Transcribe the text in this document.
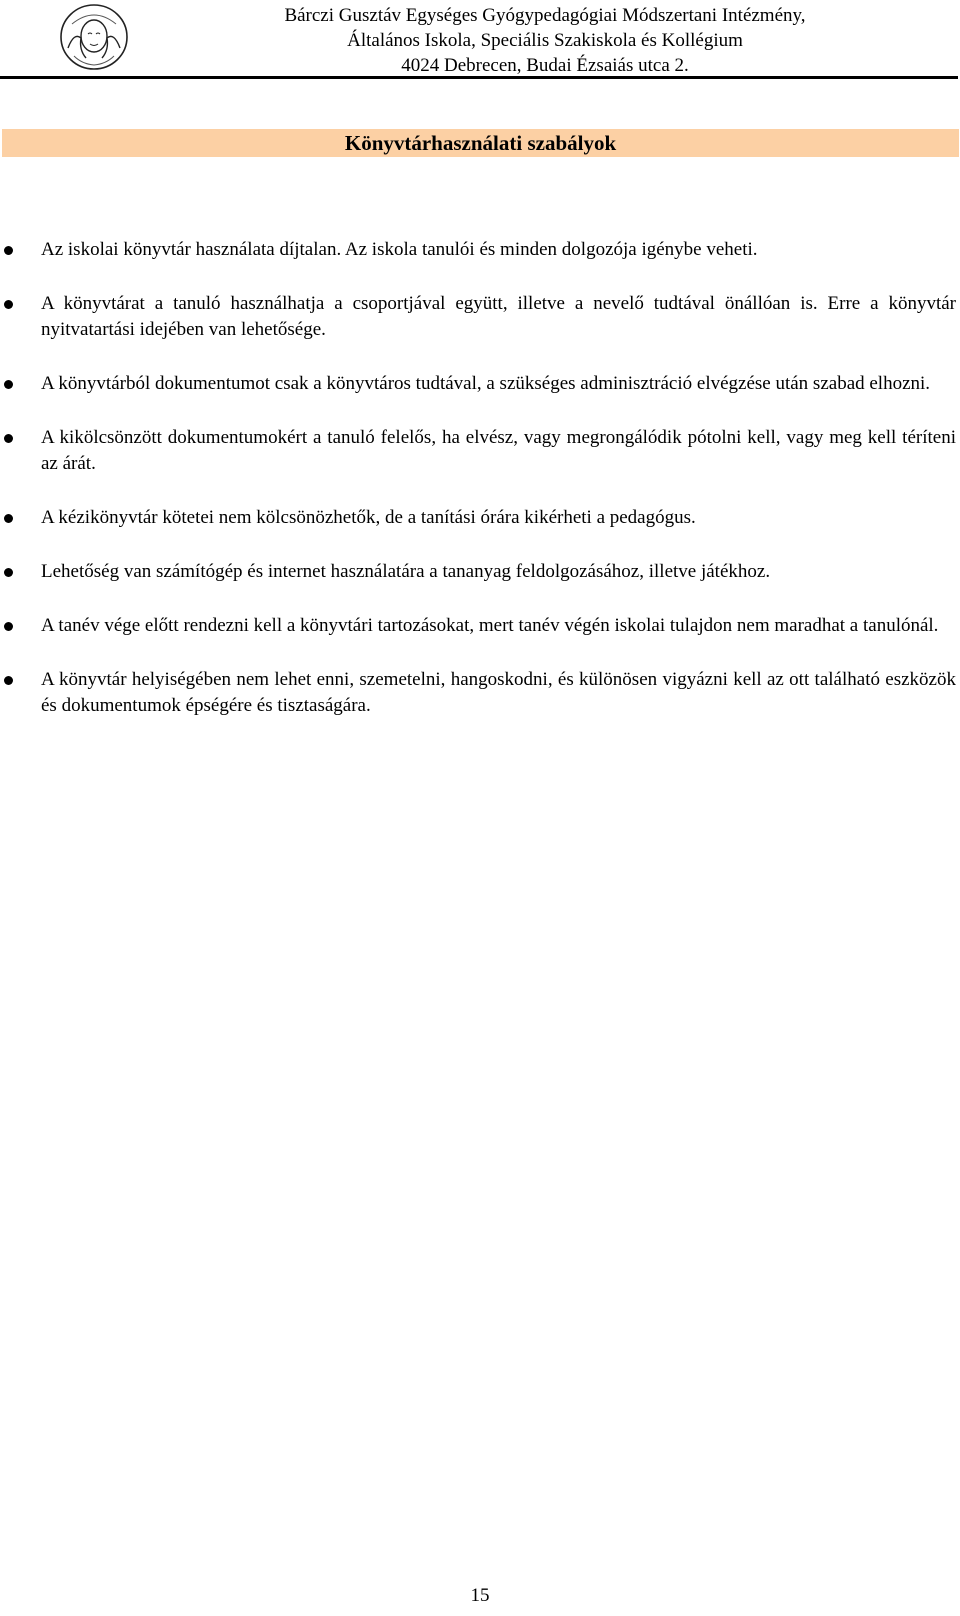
Bárczi Gusztáv Egységes Gyógypedagógiai Módszertani Intézmény,
Általános Iskola, Speciális Szakiskola és Kollégium
4024 Debrecen, Budai Ézsaiás utca 2.
Könyvtárhasználati szabályok
Az iskolai könyvtár használata díjtalan. Az iskola tanulói és minden dolgozója igénybe veheti.
A könyvtárat a tanuló használhatja a csoportjával együtt, illetve a nevelő tudtával önállóan is. Erre a könyvtár nyitvatartási idejében van lehetősége.
A könyvtárból dokumentumot csak a könyvtáros tudtával, a szükséges adminisztráció elvégzése után szabad elhozni.
A kikölcsönzött dokumentumokért a tanuló felelős, ha elvész, vagy megrongálódik pótolni kell, vagy meg kell téríteni az árát.
A kézikönyvtár kötetei nem kölcsönözhetők, de a tanítási órára kikérheti a pedagógus.
Lehetőség van számítógép és internet használatára a tananyag feldolgozásához, illetve játékhoz.
A tanév vége előtt rendezni kell a könyvtári tartozásokat, mert tanév végén iskolai tulajdon nem maradhat a tanulónál.
A könyvtár helyiségében nem lehet enni, szemetelni, hangoskodni, és különösen vigyázni kell az ott található eszközök és dokumentumok épségére és tisztaságára.
15
